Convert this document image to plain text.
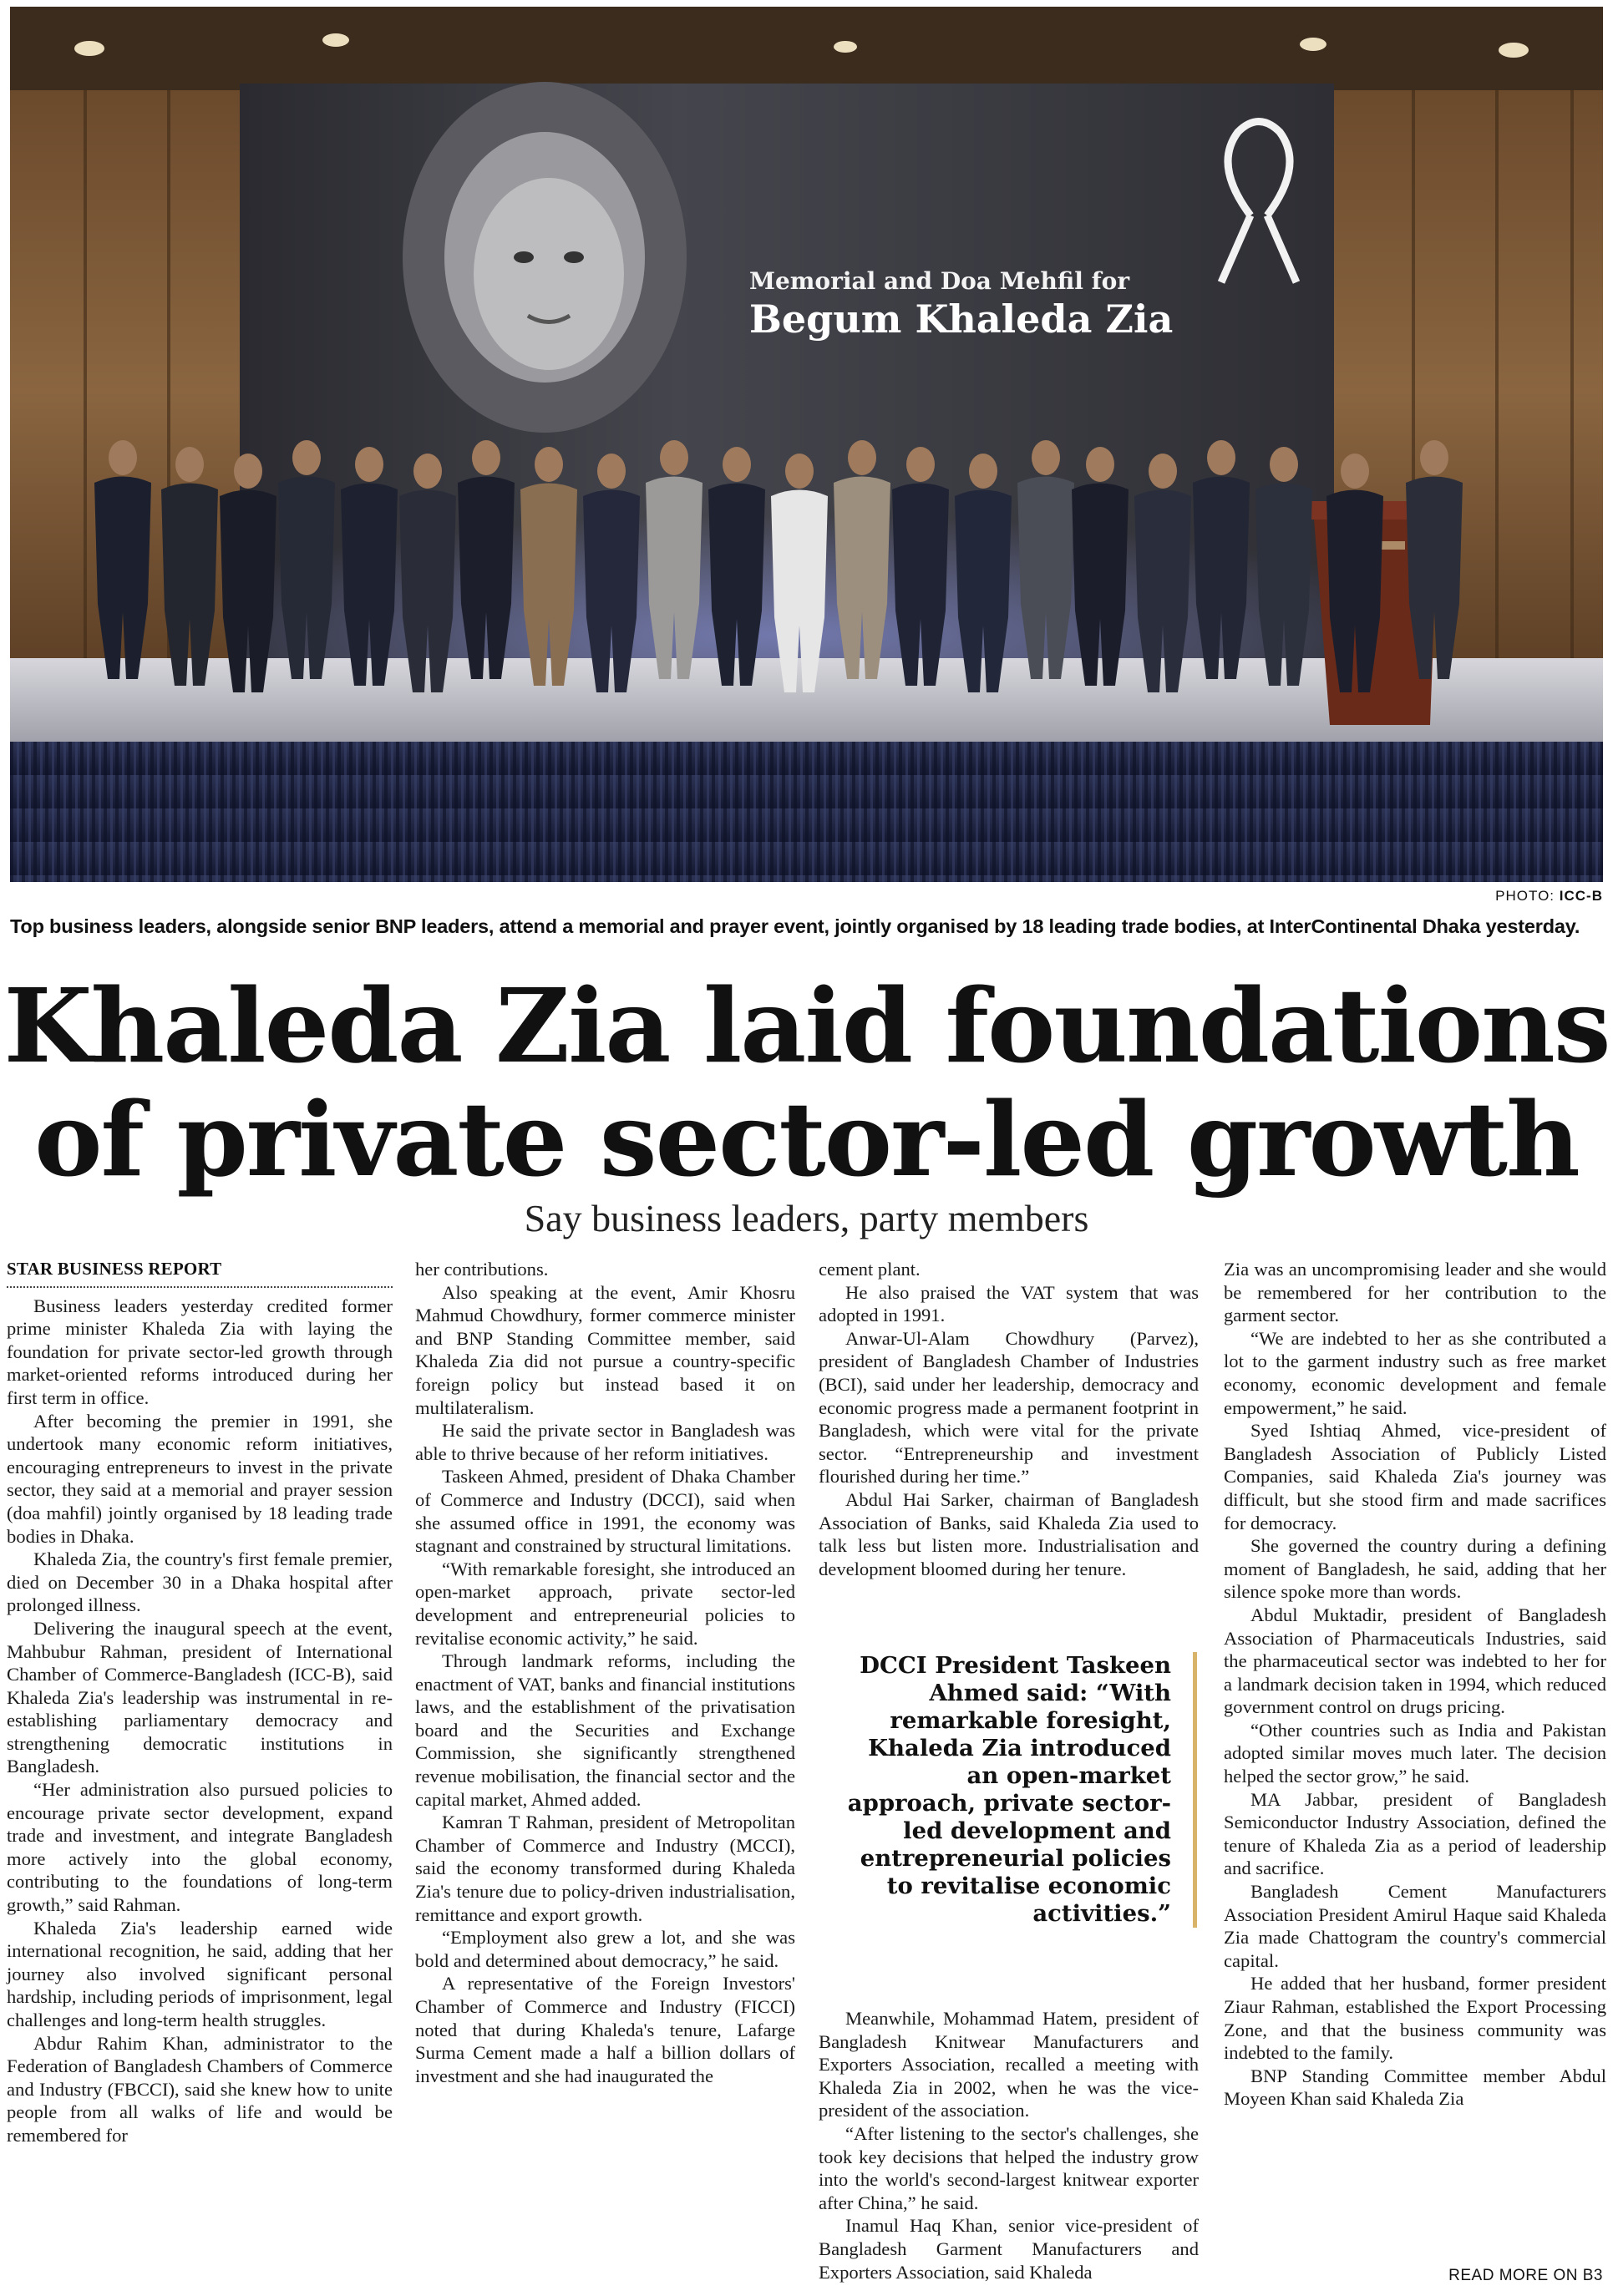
Memorial and Doa Mehfil for
Begum Khaleda Zia
PHOTO: ICC-B
Top business leaders, alongside senior BNP leaders, attend a memorial and prayer event, jointly organised by 18 leading trade bodies, at InterContinental Dhaka yesterday.
Khaleda Zia laid foundations
of private sector-led growth
Say business leaders, party members
STAR BUSINESS REPORT

Business leaders yesterday credited former prime minister Khaleda Zia with laying the foundation for private sector-led growth through market-oriented reforms introduced during her first term in office.

After becoming the premier in 1991, she undertook many economic reform initiatives, encouraging entrepreneurs to invest in the private sector, they said at a memorial and prayer session (doa mahfil) jointly organised by 18 leading trade bodies in Dhaka.

Khaleda Zia, the country's first female premier, died on December 30 in a Dhaka hospital after prolonged illness.

Delivering the inaugural speech at the event, Mahbubur Rahman, president of International Chamber of Commerce-Bangladesh (ICC-B), said Khaleda Zia's leadership was instrumental in re-establishing parliamentary democracy and strengthening democratic institutions in Bangladesh.

“Her administration also pursued policies to encourage private sector development, expand trade and investment, and integrate Bangladesh more actively into the global economy, contributing to the foundations of long-term growth,” said Rahman.

Khaleda Zia's leadership earned wide international recognition, he said, adding that her journey also involved significant personal hardship, including periods of imprisonment, legal challenges and long-term health struggles.

Abdur Rahim Khan, administrator to the Federation of Bangladesh Chambers of Commerce and Industry (FBCCI), said she knew how to unite people from all walks of life and would be remembered for

her contributions.

Also speaking at the event, Amir Khosru Mahmud Chowdhury, former commerce minister and BNP Standing Committee member, said Khaleda Zia did not pursue a country-specific foreign policy but instead based it on multilateralism.

He said the private sector in Bangladesh was able to thrive because of her reform initiatives.

Taskeen Ahmed, president of Dhaka Chamber of Commerce and Industry (DCCI), said when she assumed office in 1991, the economy was stagnant and constrained by structural limitations.

“With remarkable foresight, she introduced an open-market approach, private sector-led development and entrepreneurial policies to revitalise economic activity,” he said.

Through landmark reforms, including the enactment of VAT, banks and financial institutions laws, and the establishment of the privatisation board and the Securities and Exchange Commission, she significantly strengthened revenue mobilisation, the financial sector and the capital market, Ahmed added.

Kamran T Rahman, president of Metropolitan Chamber of Commerce and Industry (MCCI), said the economy transformed during Khaleda Zia's tenure due to policy-driven industrialisation, remittance and export growth.

“Employment also grew a lot, and she was bold and determined about democracy,” he said.

A representative of the Foreign Investors' Chamber of Commerce and Industry (FICCI) noted that during Khaleda's tenure, Lafarge Surma Cement made a half a billion dollars of investment and she had inaugurated the

cement plant.

He also praised the VAT system that was adopted in 1991.

Anwar-Ul-Alam Chowdhury (Parvez), president of Bangladesh Chamber of Industries (BCI), said under her leadership, democracy and economic progress made a permanent footprint in Bangladesh, which were vital for the private sector. “Entrepreneurship and investment flourished during her time.”

Abdul Hai Sarker, chairman of Bangladesh Association of Banks, said Khaleda Zia used to talk less but listen more. Industrialisation and development bloomed during her tenure.

DCCI President Taskeen Ahmed said: “With remarkable foresight, Khaleda Zia introduced an open-market approach, private sector-led development and entrepreneurial policies to revitalise economic activities.”

Meanwhile, Mohammad Hatem, president of Bangladesh Knitwear Manufacturers and Exporters Association, recalled a meeting with Khaleda Zia in 2002, when he was the vice-president of the association.

“After listening to the sector's challenges, she took key decisions that helped the industry grow into the world's second-largest knitwear exporter after China,” he said.

Inamul Haq Khan, senior vice-president of Bangladesh Garment Manufacturers and Exporters Association, said Khaleda

Zia was an uncompromising leader and she would be remembered for her contribution to the garment sector.

“We are indebted to her as she contributed a lot to the garment industry such as free market economy, economic development and female empowerment,” he said.

Syed Ishtiaq Ahmed, vice-president of Bangladesh Association of Publicly Listed Companies, said Khaleda Zia's journey was difficult, but she stood firm and made sacrifices for democracy.

She governed the country during a defining moment of Bangladesh, he said, adding that her silence spoke more than words.

Abdul Muktadir, president of Bangladesh Association of Pharmaceuticals Industries, said the pharmaceutical sector was indebted to her for a landmark decision taken in 1994, which reduced government control on drugs pricing.

“Other countries such as India and Pakistan adopted similar moves much later. The decision helped the sector grow,” he said.

MA Jabbar, president of Bangladesh Semiconductor Industry Association, defined the tenure of Khaleda Zia as a period of leadership and sacrifice.

Bangladesh Cement Manufacturers Association President Amirul Haque said Khaleda Zia made Chattogram the country's commercial capital.

He added that her husband, former president Ziaur Rahman, established the Export Processing Zone, and that the business community was indebted to the family.

BNP Standing Committee member Abdul Moyeen Khan said Khaleda Zia

READ MORE ON B3
